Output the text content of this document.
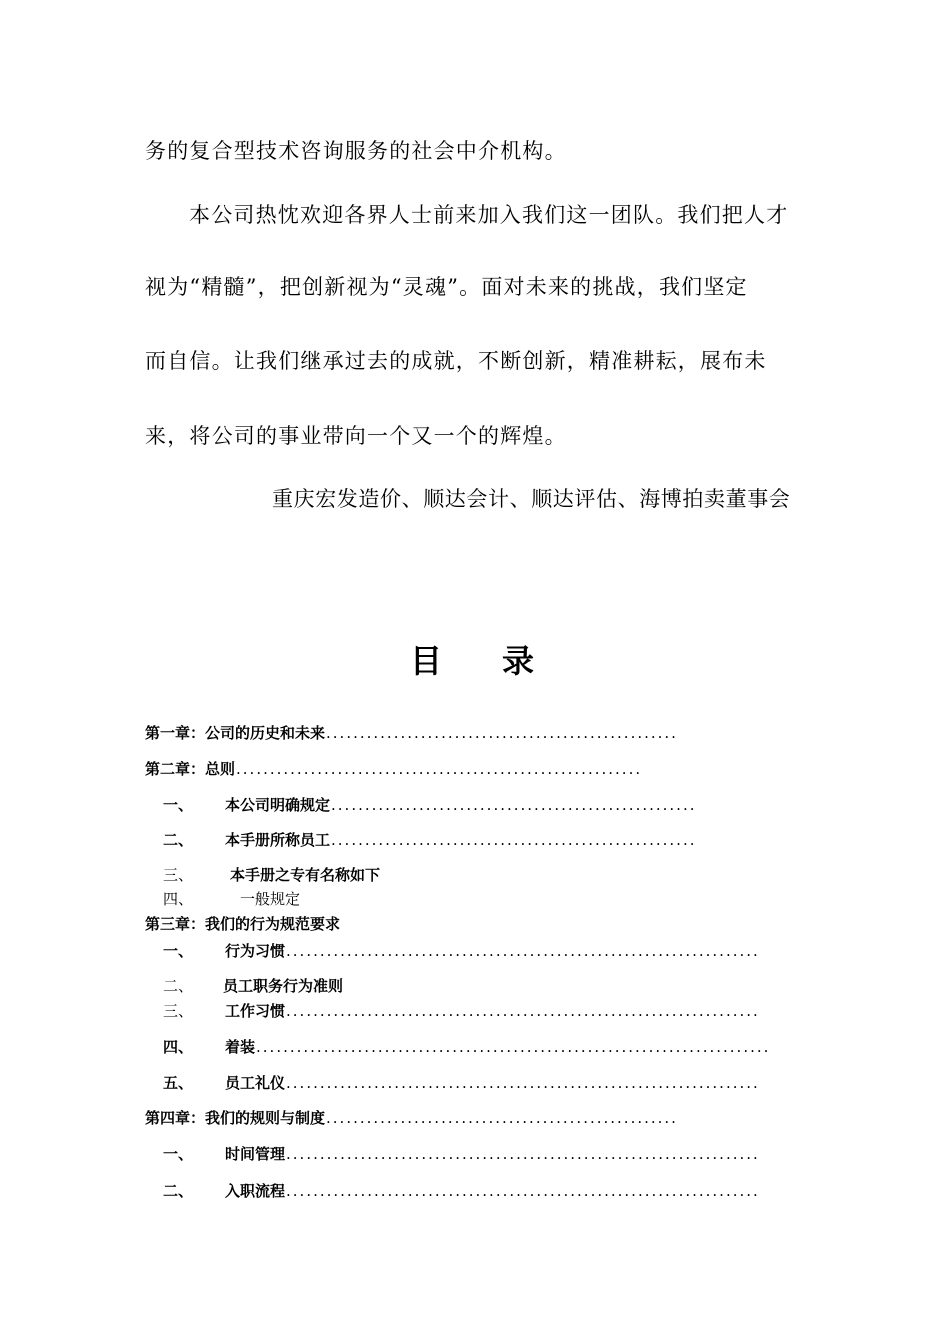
务的复合型技术咨询服务的社会中介机构。
本公司热忱欢迎各界人士前来加入我们这一团队。我们把人才
视为“精髓”，把创新视为“灵魂”。面对未来的挑战，我们坚定
而自信。让我们继承过去的成就，不断创新，精准耕耘，展布未
来，将公司的事业带向一个又一个的辉煌。
重庆宏发造价、顺达会计、顺达评估、海博拍卖董事会
目录
第一章：公司的历史和未来 ....................................................
第二章：总则 ............................................................
一、	本公司明确规定 ......................................................
二、	本手册所称员工 ......................................................
三、	本手册之专有名称如下
四、	一般规定
第三章：我们的行为规范要求
一、	行为习惯 ......................................................................
二、	员工职务行为准则
三、	工作习惯 ......................................................................
四、	着装 ............................................................................
五、	员工礼仪 ......................................................................
第四章：我们的规则与制度 ....................................................
一、	时间管理 ......................................................................
二、	入职流程 ......................................................................
